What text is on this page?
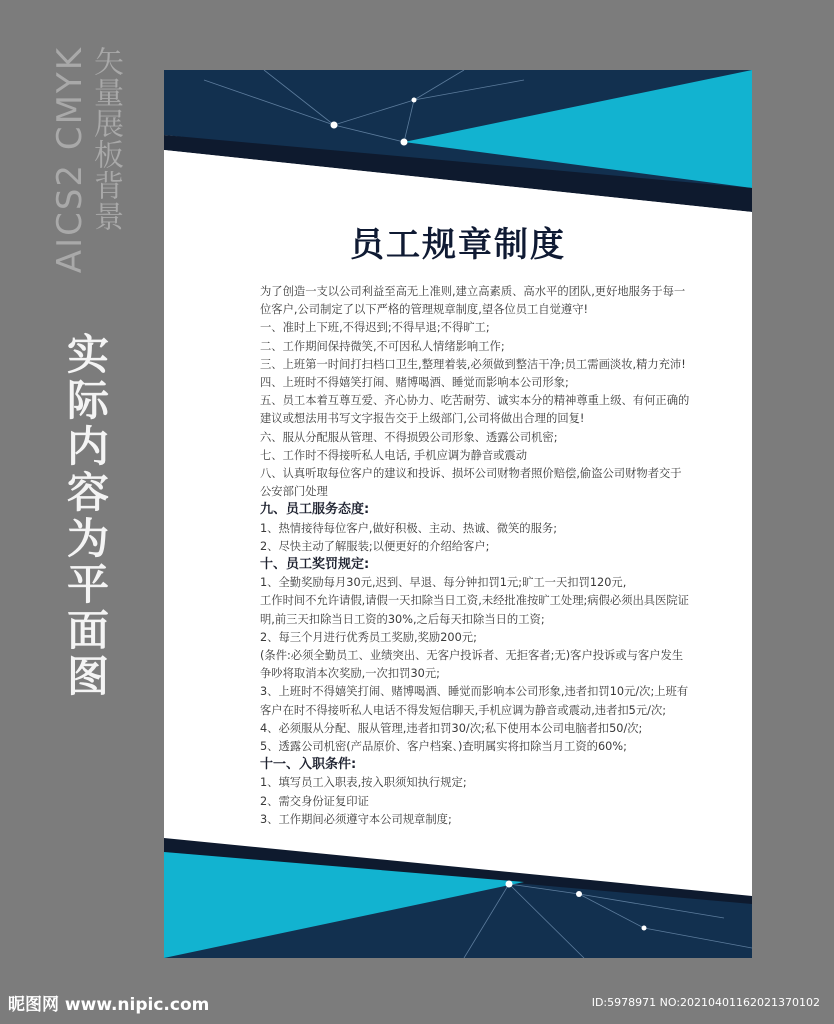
AICS2 CMYK
矢量展板背景
实际内容为平面图
员工规章制度

为了创造一支以公司利益至高无上准则,建立高素质、高水平的团队,更好地服务于每一位客户,公司制定了以下严格的管理规章制度,望各位员工自觉遵守!

一、准时上下班,不得迟到;不得早退;不得旷工;

二、工作期间保持微笑,不可因私人情绪影响工作;

三、上班第一时间打扫档口卫生,整理着装,必须做到整洁干净;员工需画淡妆,精力充沛!

四、上班时不得嬉笑打闹、赌博喝酒、睡觉而影响本公司形象;

五、员工本着互尊互爱、齐心协力、吃苦耐劳、诚实本分的精神尊重上级、有何正确的建议或想法用书写文字报告交于上级部门,公司将做出合理的回复!

六、服从分配服从管理、不得损毁公司形象、透露公司机密;

七、工作时不得接听私人电话, 手机应调为静音或震动

八、认真听取每位客户的建议和投诉、损坏公司财物者照价赔偿,偷盗公司财物者交于公安部门处理

九、员工服务态度:

1、热情接待每位客户,做好积极、主动、热诚、微笑的服务;

2、尽快主动了解服装;以便更好的介绍给客户;

十、员工奖罚规定:

1、全勤奖励每月30元,迟到、早退、每分钟扣罚1元;旷工一天扣罚120元,

工作时间不允许请假,请假一天扣除当日工资,未经批准按旷工处理;病假必须出具医院证明,前三天扣除当日工资的30%,之后每天扣除当日的工资;

2、每三个月进行优秀员工奖励,奖励200元;

(条件:必须全勤员工、业绩突出、无客户投诉者、无拒客者;无)客户投诉或与客户发生争吵将取消本次奖励,一次扣罚30元;

3、上班时不得嬉笑打闹、赌博喝酒、睡觉而影响本公司形象,违者扣罚10元/次;上班有客户在时不得接听私人电话不得发短信聊天,手机应调为静音或震动,违者扣5元/次;

4、必须服从分配、服从管理,违者扣罚30/次;私下使用本公司电脑者扣50/次;

5、透露公司机密(产品原价、客户档案、)查明属实将扣除当月工资的60%;

十一、入职条件:

1、填写员工入职表,按入职须知执行规定;

2、需交身份证复印证

3、工作期间必须遵守本公司规章制度;

昵图网 www.nipic.com	ID:5978971 NO:20210401162021370102
